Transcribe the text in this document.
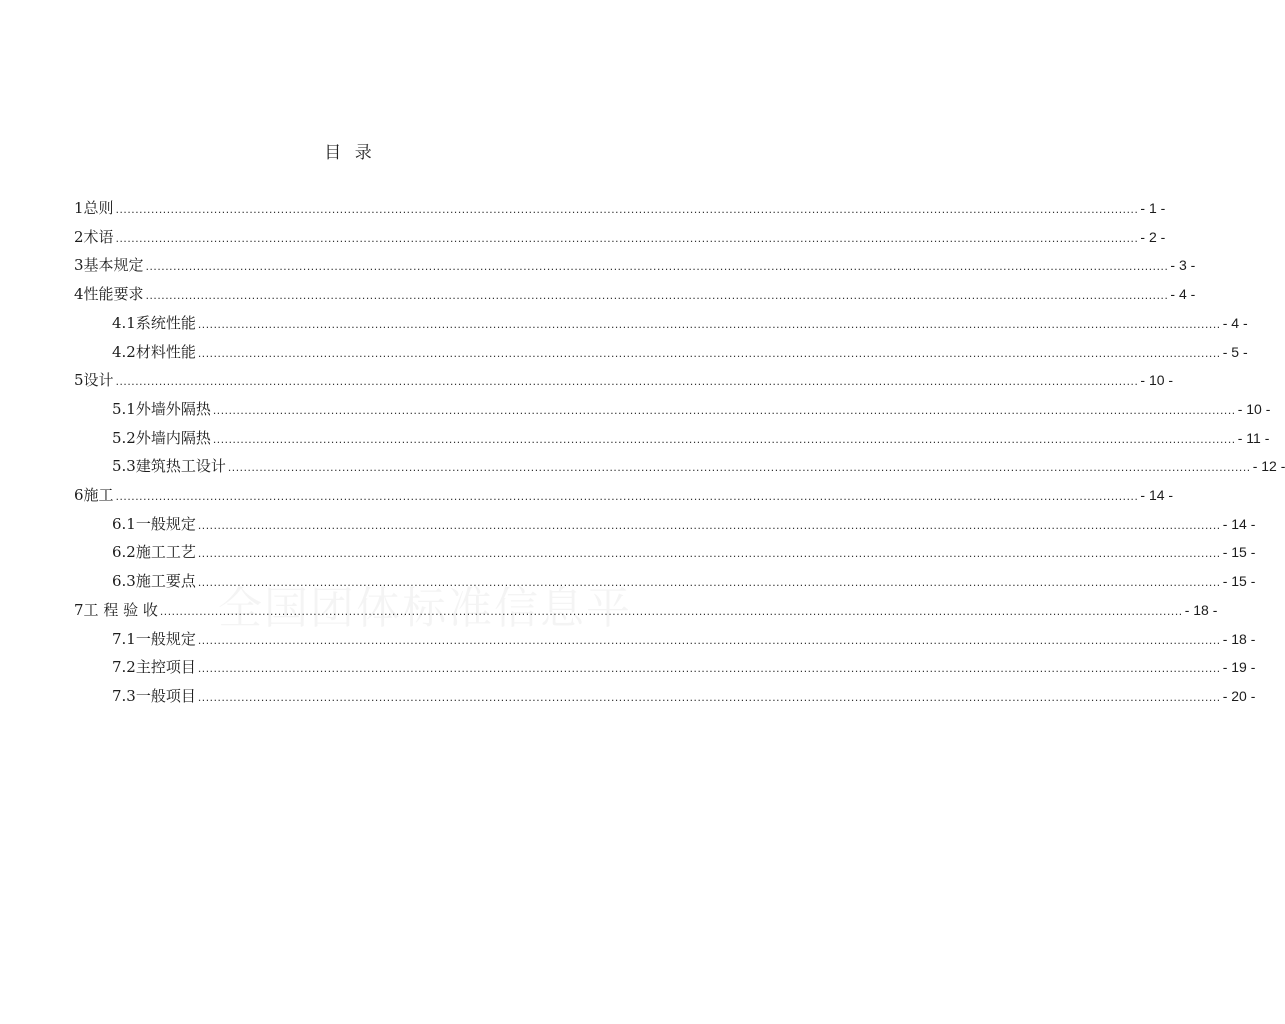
目 录
1 总则 .................................................................................................................................................................................................................................................................... - 1 -
2 术语 .................................................................................................................................................................................................................................................................... - 2 -
3 基本规定 .................................................................................................................................................................................................................................................................... - 3 -
4 性能要求 .................................................................................................................................................................................................................................................................... - 4 -
4.1 系统性能 .................................................................................................................................................................................................................................................................... - 4 -
4.2 材料性能 .................................................................................................................................................................................................................................................................... - 5 -
5 设计 .................................................................................................................................................................................................................................................................... - 10 -
5.1 外墙外隔热 .................................................................................................................................................................................................................................................................... - 10 -
5.2 外墙内隔热 .................................................................................................................................................................................................................................................................... - 11 -
5.3 建筑热工设计 .................................................................................................................................................................................................................................................................... - 12 -
6 施工 .................................................................................................................................................................................................................................................................... - 14 -
6.1 一般规定 .................................................................................................................................................................................................................................................................... - 14 -
6.2 施工工艺 .................................................................................................................................................................................................................................................................... - 15 -
6.3 施工要点 .................................................................................................................................................................................................................................................................... - 15 -
7 工 程 验 收 .................................................................................................................................................................................................................................................................... - 18 -
7.1 一般规定 .................................................................................................................................................................................................................................................................... - 18 -
7.2 主控项目 .................................................................................................................................................................................................................................................................... - 19 -
7.3 一般项目 .................................................................................................................................................................................................................................................................... - 20 -
